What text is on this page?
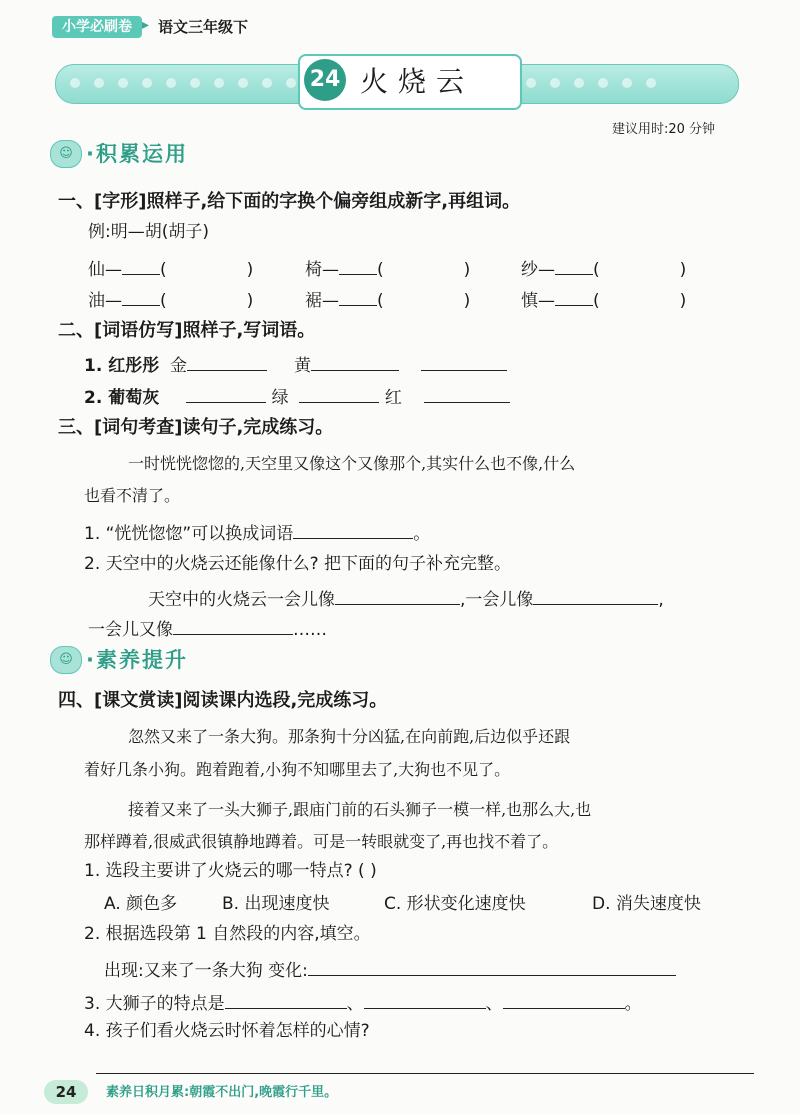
小学必刷卷 ▸ 语文三年级下
24 火烧云
建议用时:20 分钟
☺ ·积累运用
一、[字形]照样子,给下面的字换个偏旁组成新字,再组词。
例:明—胡(胡子)
仙— (	)	椅— (	)	纱— (	)
油— (	)	裾— (	)	慎— (	)
二、[词语仿写]照样子,写词语。
1. 红彤彤 金	黄
2. 葡萄灰	绿	红
三、[词句考查]读句子,完成练习。
一时恍恍惚惚的,天空里又像这个又像那个,其实什么也不像,什么
也看不清了。
1. “恍恍惚惚”可以换成词语	。
2. 天空中的火烧云还能像什么? 把下面的句子补充完整。
天空中的火烧云一会儿像	,一会儿像	,
一会儿又像	……
☺ ·素养提升
四、[课文赏读]阅读课内选段,完成练习。
忽然又来了一条大狗。那条狗十分凶猛,在向前跑,后边似乎还跟
着好几条小狗。跑着跑着,小狗不知哪里去了,大狗也不见了。
接着又来了一头大狮子,跟庙门前的石头狮子一模一样,也那么大,也
那样蹲着,很威武很镇静地蹲着。可是一转眼就变了,再也找不着了。
1. 选段主要讲了火烧云的哪一特点? ( )
A. 颜色多	B. 出现速度快	C. 形状变化速度快	D. 消失速度快
2. 根据选段第 1 自然段的内容,填空。
出现:又来了一条大狗 变化:
3. 大狮子的特点是	、	、	。
4. 孩子们看火烧云时怀着怎样的心情?
24	素养日积月累:朝霞不出门,晚霞行千里。
